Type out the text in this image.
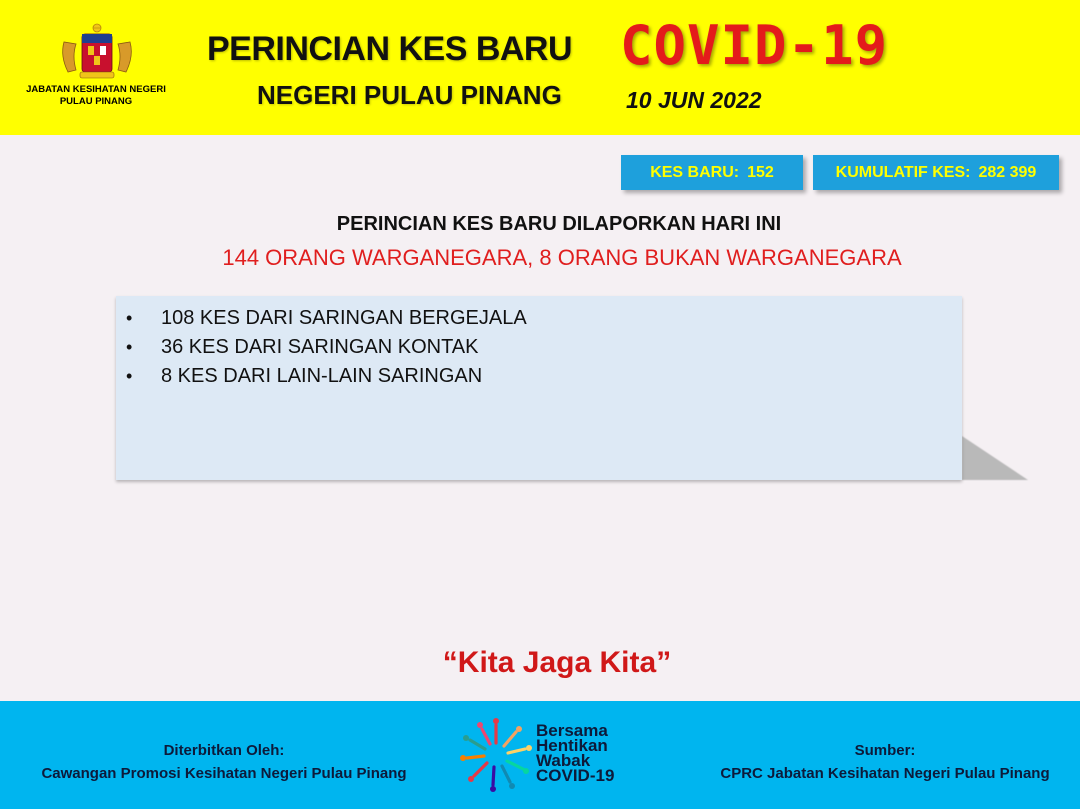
JABATAN KESIHATAN NEGERI
PULAU PINANG
PERINCIAN KES BARU COVID-19
NEGERI PULAU PINANG	10 JUN 2022
KES BARU: 152	KUMULATIF KES: 282 399
PERINCIAN KES BARU DILAPORKAN HARI INI
144 ORANG WARGANEGARA, 8 ORANG BUKAN WARGANEGARA
• 108 KES DARI SARINGAN BERGEJALA
• 36 KES DARI SARINGAN KONTAK
• 8 KES DARI LAIN-LAIN SARINGAN
“Kita Jaga Kita”
Diterbitkan Oleh:
Cawangan Promosi Kesihatan Negeri Pulau Pinang
Bersama
Hentikan
Wabak
COVID-19
Sumber:
CPRC Jabatan Kesihatan Negeri Pulau Pinang
